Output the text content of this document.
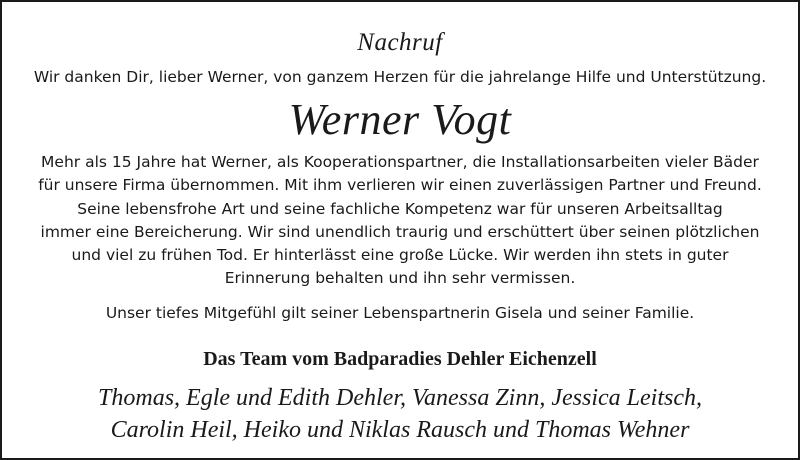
Nachruf
Wir danken Dir, lieber Werner, von ganzem Herzen für die jahrelange Hilfe und Unterstützung.
Werner Vogt
Mehr als 15 Jahre hat Werner, als Kooperationspartner, die Installationsarbeiten vieler Bäder
für unsere Firma übernommen. Mit ihm verlieren wir einen zuverlässigen Partner und Freund.
Seine lebensfrohe Art und seine fachliche Kompetenz war für unseren Arbeitsalltag
immer eine Bereicherung. Wir sind unendlich traurig und erschüttert über seinen plötzlichen
und viel zu frühen Tod. Er hinterlässt eine große Lücke. Wir werden ihn stets in guter
Erinnerung behalten und ihn sehr vermissen.
Unser tiefes Mitgefühl gilt seiner Lebenspartnerin Gisela und seiner Familie.
Das Team vom Badparadies Dehler Eichenzell
Thomas, Egle und Edith Dehler, Vanessa Zinn, Jessica Leitsch,
Carolin Heil, Heiko und Niklas Rausch und Thomas Wehner
